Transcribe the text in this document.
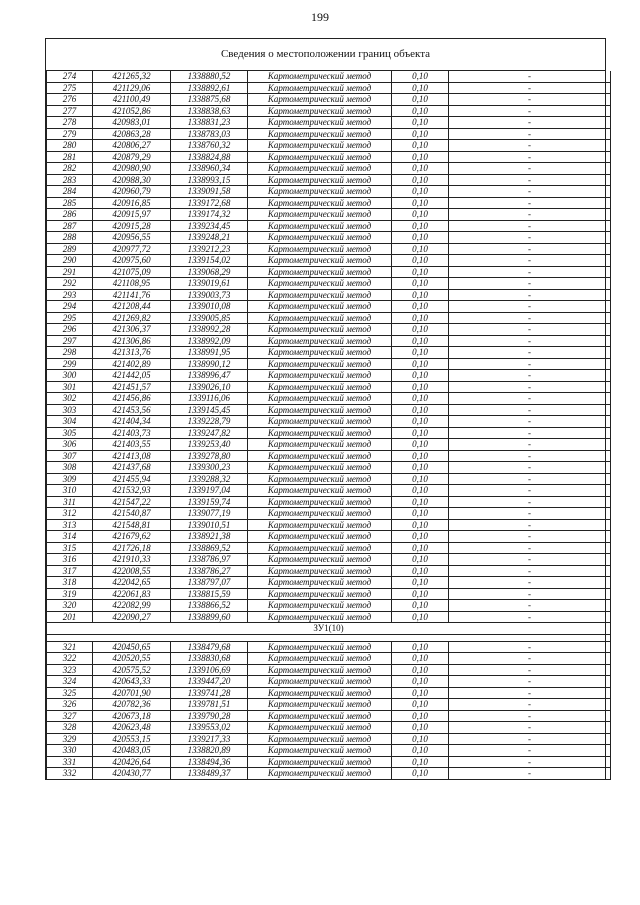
199
Сведения о местоположении границ объекта
274	421265,32	1338880,52	Картометрический метод	0,10	-
275	421129,06	1338892,61	Картометрический метод	0,10	-
276	421100,49	1338875,68	Картометрический метод	0,10	-
277	421052,86	1338838,63	Картометрический метод	0,10	-
278	420983,01	1338831,23	Картометрический метод	0,10	-
279	420863,28	1338783,03	Картометрический метод	0,10	-
280	420806,27	1338760,32	Картометрический метод	0,10	-
281	420879,29	1338824,88	Картометрический метод	0,10	-
282	420980,90	1338960,34	Картометрический метод	0,10	-
283	420988,30	1338993,15	Картометрический метод	0,10	-
284	420960,79	1339091,58	Картометрический метод	0,10	-
285	420916,85	1339172,68	Картометрический метод	0,10	-
286	420915,97	1339174,32	Картометрический метод	0,10	-
287	420915,28	1339234,45	Картометрический метод	0,10	-
288	420956,55	1339248,21	Картометрический метод	0,10	-
289	420977,72	1339212,23	Картометрический метод	0,10	-
290	420975,60	1339154,02	Картометрический метод	0,10	-
291	421075,09	1339068,29	Картометрический метод	0,10	-
292	421108,95	1339019,61	Картометрический метод	0,10	-
293	421141,76	1339003,73	Картометрический метод	0,10	-
294	421208,44	1339010,08	Картометрический метод	0,10	-
295	421269,82	1339005,85	Картометрический метод	0,10	-
296	421306,37	1338992,28	Картометрический метод	0,10	-
297	421306,86	1338992,09	Картометрический метод	0,10	-
298	421313,76	1338991,95	Картометрический метод	0,10	-
299	421402,89	1338990,12	Картометрический метод	0,10	-
300	421442,05	1338996,47	Картометрический метод	0,10	-
301	421451,57	1339026,10	Картометрический метод	0,10	-
302	421456,86	1339116,06	Картометрический метод	0,10	-
303	421453,56	1339145,45	Картометрический метод	0,10	-
304	421404,34	1339228,79	Картометрический метод	0,10	-
305	421403,73	1339247,82	Картометрический метод	0,10	-
306	421403,55	1339253,40	Картометрический метод	0,10	-
307	421413,08	1339278,80	Картометрический метод	0,10	-
308	421437,68	1339300,23	Картометрический метод	0,10	-
309	421455,94	1339288,32	Картометрический метод	0,10	-
310	421532,93	1339197,04	Картометрический метод	0,10	-
311	421547,22	1339159,74	Картометрический метод	0,10	-
312	421540,87	1339077,19	Картометрический метод	0,10	-
313	421548,81	1339010,51	Картометрический метод	0,10	-
314	421679,62	1338921,38	Картометрический метод	0,10	-
315	421726,18	1338869,52	Картометрический метод	0,10	-
316	421910,33	1338786,97	Картометрический метод	0,10	-
317	422008,55	1338786,27	Картометрический метод	0,10	-
318	422042,65	1338797,07	Картометрический метод	0,10	-
319	422061,83	1338815,59	Картометрический метод	0,10	-
320	422082,99	1338866,52	Картометрический метод	0,10	-
201	422090,27	1338899,60	Картометрический метод	0,10	-
ЗУ1(10)					

321	420450,65	1338479,68	Картометрический метод	0,10	-
322	420520,55	1338830,68	Картометрический метод	0,10	-
323	420575,52	1339106,69	Картометрический метод	0,10	-
324	420643,33	1339447,20	Картометрический метод	0,10	-
325	420701,90	1339741,28	Картометрический метод	0,10	-
326	420782,36	1339781,51	Картометрический метод	0,10	-
327	420673,18	1339790,28	Картометрический метод	0,10	-
328	420623,48	1339553,02	Картометрический метод	0,10	-
329	420553,15	1339217,33	Картометрический метод	0,10	-
330	420483,05	1338820,89	Картометрический метод	0,10	-
331	420426,64	1338494,36	Картометрический метод	0,10	-
332	420430,77	1338489,37	Картометрический метод	0,10	-
